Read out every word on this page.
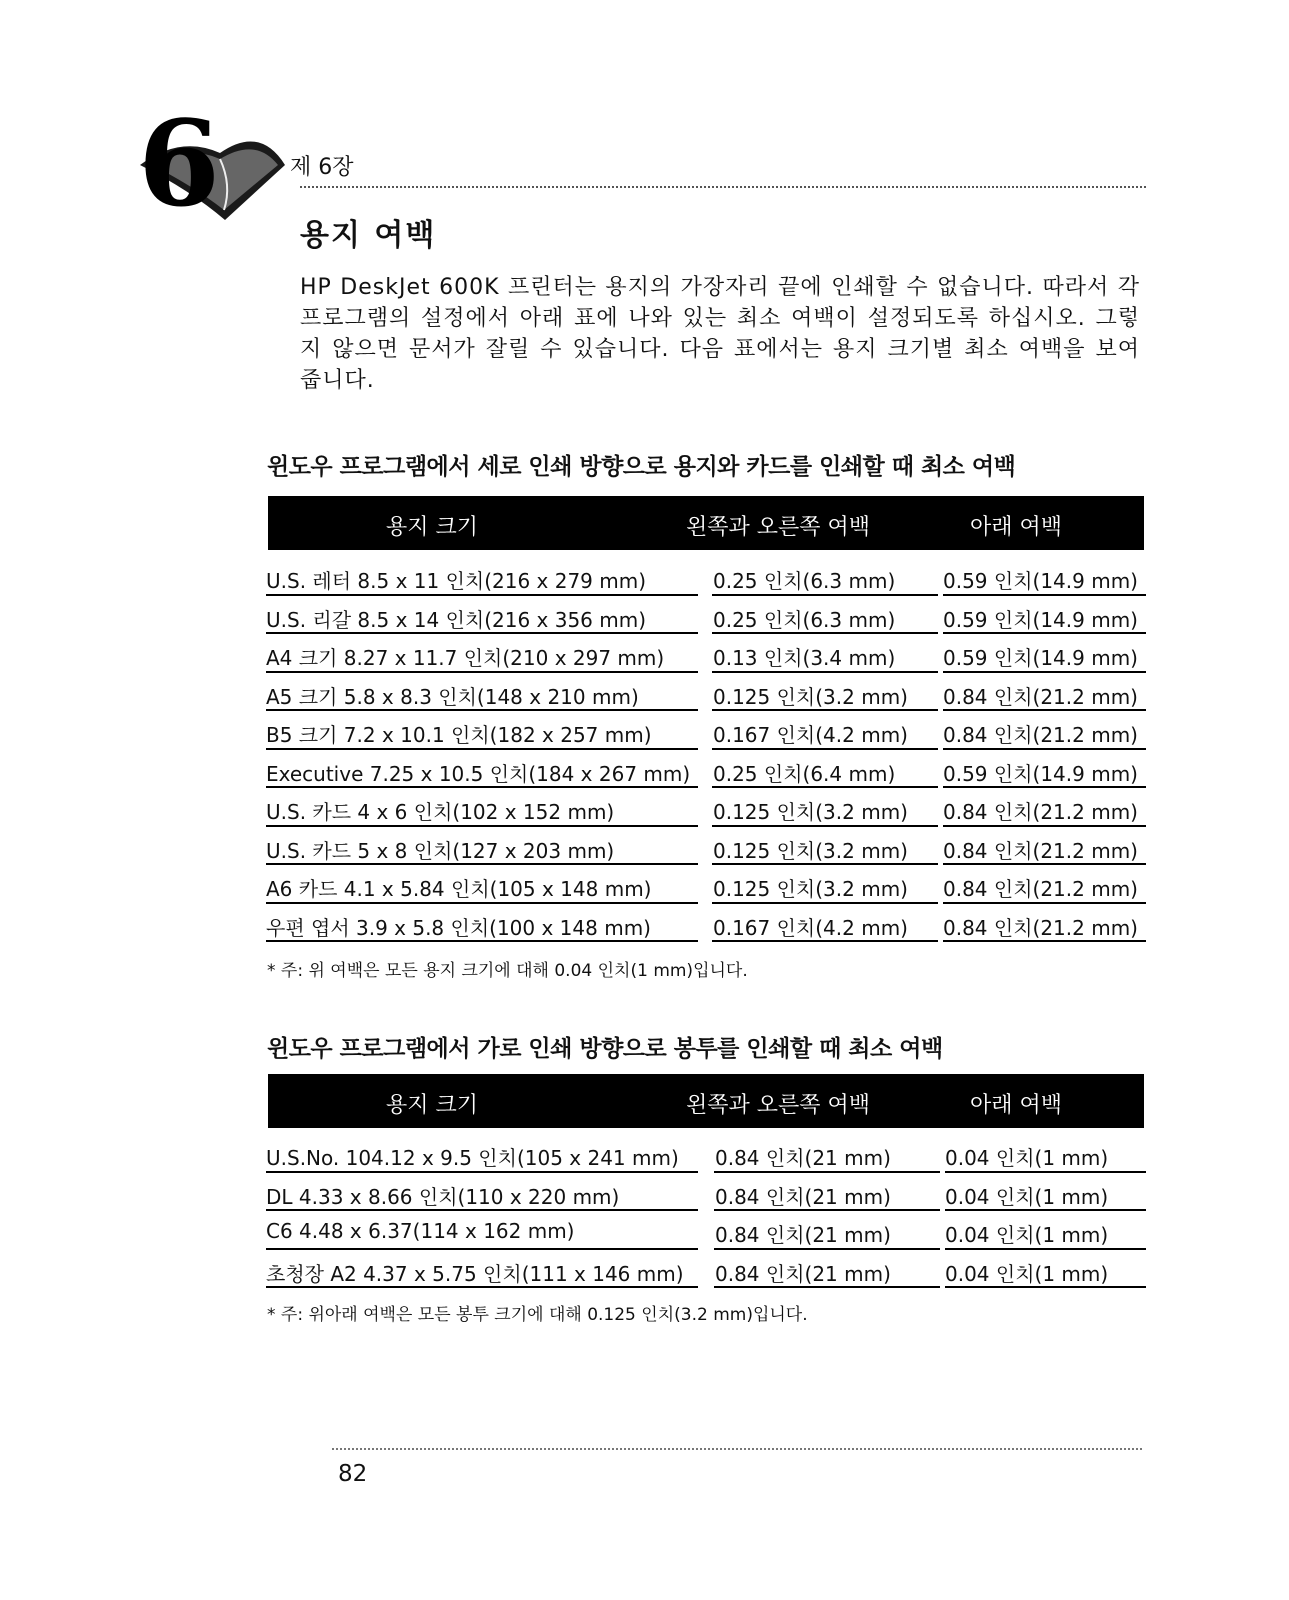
6	제 6장
용지 여백
HP DeskJet 600K 프린터는 용지의 가장자리 끝에 인쇄할 수 없습니다. 따라서 각 프로그램의 설정에서 아래 표에 나와 있는 최소 여백이 설정되도록 하십시오. 그렇지 않으면 문서가 잘릴 수 있습니다. 다음 표에서는 용지 크기별 최소 여백을 보여 줍니다.
윈도우 프로그램에서 세로 인쇄 방향으로 용지와 카드를 인쇄할 때 최소 여백
용지 크기	왼쪽과 오른쪽 여백	아래 여백
U.S. 레터 8.5 x 11 인치(216 x 279 mm)	0.25 인치(6.3 mm) 0.59 인치(14.9 mm)
U.S. 리갈 8.5 x 14 인치(216 x 356 mm)	0.25 인치(6.3 mm) 0.59 인치(14.9 mm)
A4 크기 8.27 x 11.7 인치(210 x 297 mm) 0.13 인치(3.4 mm) 0.59 인치(14.9 mm)
A5 크기 5.8 x 8.3 인치(148 x 210 mm)	0.125 인치(3.2 mm) 0.84 인치(21.2 mm)
B5 크기 7.2 x 10.1 인치(182 x 257 mm)	0.167 인치(4.2 mm) 0.84 인치(21.2 mm)
Executive 7.25 x 10.5 인치(184 x 267 mm) 0.25 인치(6.4 mm) 0.59 인치(14.9 mm)
U.S. 카드 4 x 6 인치(102 x 152 mm)	0.125 인치(3.2 mm) 0.84 인치(21.2 mm)
U.S. 카드 5 x 8 인치(127 x 203 mm)	0.125 인치(3.2 mm) 0.84 인치(21.2 mm)
A6 카드 4.1 x 5.84 인치(105 x 148 mm)	0.125 인치(3.2 mm) 0.84 인치(21.2 mm)
우편 엽서 3.9 x 5.8 인치(100 x 148 mm)	0.167 인치(4.2 mm) 0.84 인치(21.2 mm)
* 주: 위 여백은 모든 용지 크기에 대해 0.04 인치(1 mm)입니다.
윈도우 프로그램에서 가로 인쇄 방향으로 봉투를 인쇄할 때 최소 여백
용지 크기	왼쪽과 오른쪽 여백	아래 여백
U.S.No. 104.12 x 9.5 인치(105 x 241 mm) 0.84 인치(21 mm)	0.04 인치(1 mm)
DL 4.33 x 8.66 인치(110 x 220 mm)	0.84 인치(21 mm)	0.04 인치(1 mm)
C6 4.48 x 6.37(114 x 162 mm)	0.84 인치(21 mm)	0.04 인치(1 mm)
초청장 A2 4.37 x 5.75 인치(111 x 146 mm) 0.84 인치(21 mm)	0.04 인치(1 mm)
* 주: 위아래 여백은 모든 봉투 크기에 대해 0.125 인치(3.2 mm)입니다.
82
